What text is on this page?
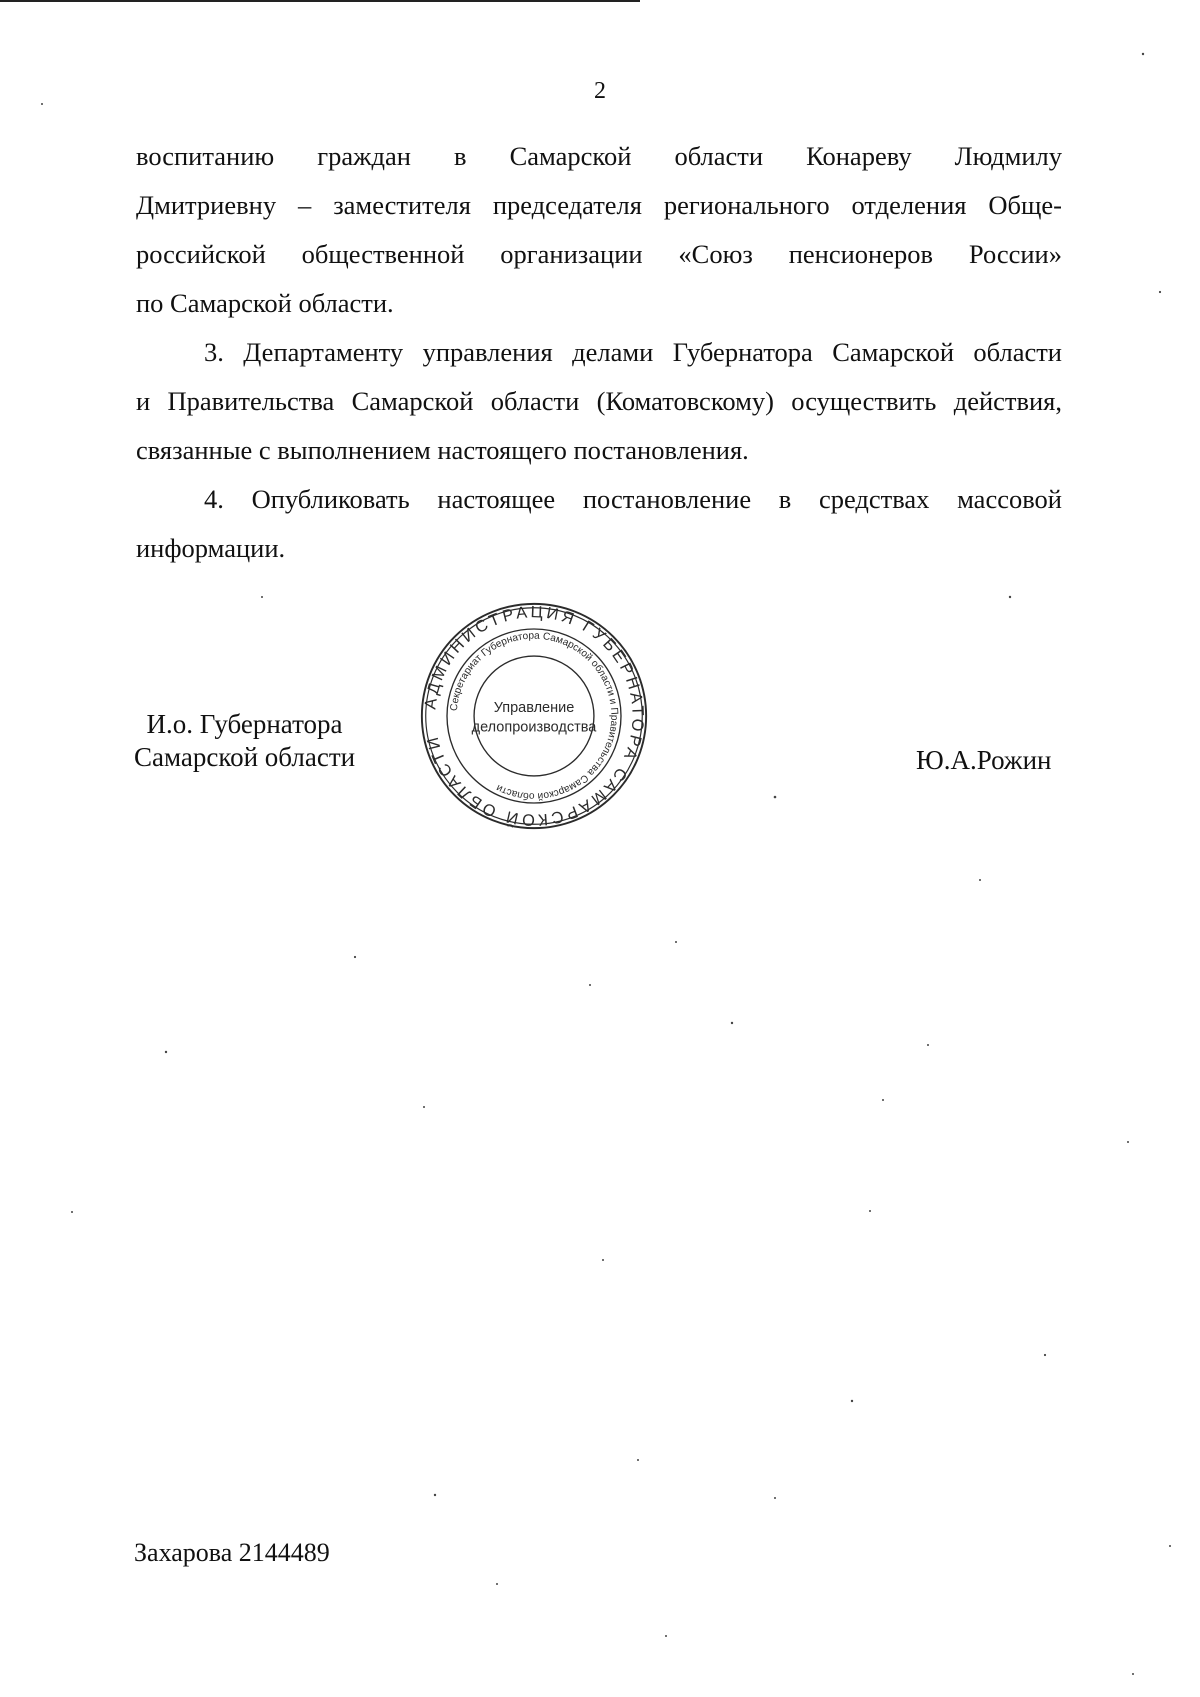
2

воспитанию граждан в Самарской области Конареву Людмилу
Дмитриевну – заместителя председателя регионального отделения Обще-
российской общественной организации «Союз пенсионеров России»
по Самарской области.

3. Департаменту управления делами Губернатора Самарской области
и Правительства Самарской области (Коматовскому) осуществить действия,
связанные с выполнением настоящего постановления.

4. Опубликовать настоящее постановление в средствах массовой
информации.

И.о. Губернатора
Самарской области
АДМИНИСТРАЦИЯ ГУБЕРНАТОРА САМАРСКОЙ ОБЛАСТИ
Секретариат Губернатора Самарской области и Правительства Самарской области
Управление
делопроизводства
Ю.А.Рожин
Захарова 2144489
